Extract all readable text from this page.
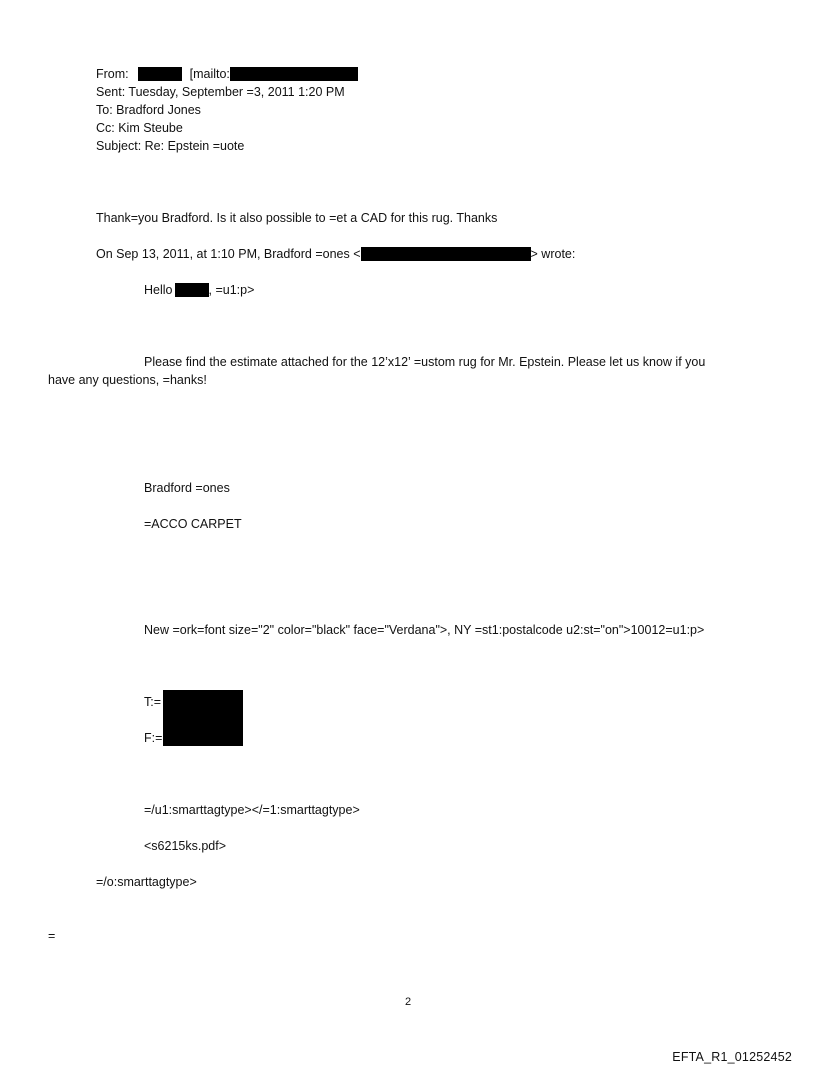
From:	[mailto:
Sent: Tuesday, September =3, 2011 1:20 PM
To: Bradford Jones
Cc: Kim Steube
Subject: Re: Epstein =uote
Thank=you Bradford. Is it also possible to =et a CAD for this rug. Thanks
On Sep 13, 2011, at 1:10 PM, Bradford =ones <	> wrote:
Hello	, =u1:p>
Please find the estimate attached for the 12’x12’ =ustom rug for Mr. Epstein. Please let us know if you
have any questions, =hanks!
Bradford =ones
=ACCO CARPET
New =ork=font size="2" color="black" face="Verdana">, NY =st1:postalcode u2:st="on">10012=u1:p>
T:=
F:=
=/u1:smarttagtype></=1:smarttagtype>
<s6215ks.pdf>
=/o:smarttagtype>
=
2
EFTA_R1_01252452
